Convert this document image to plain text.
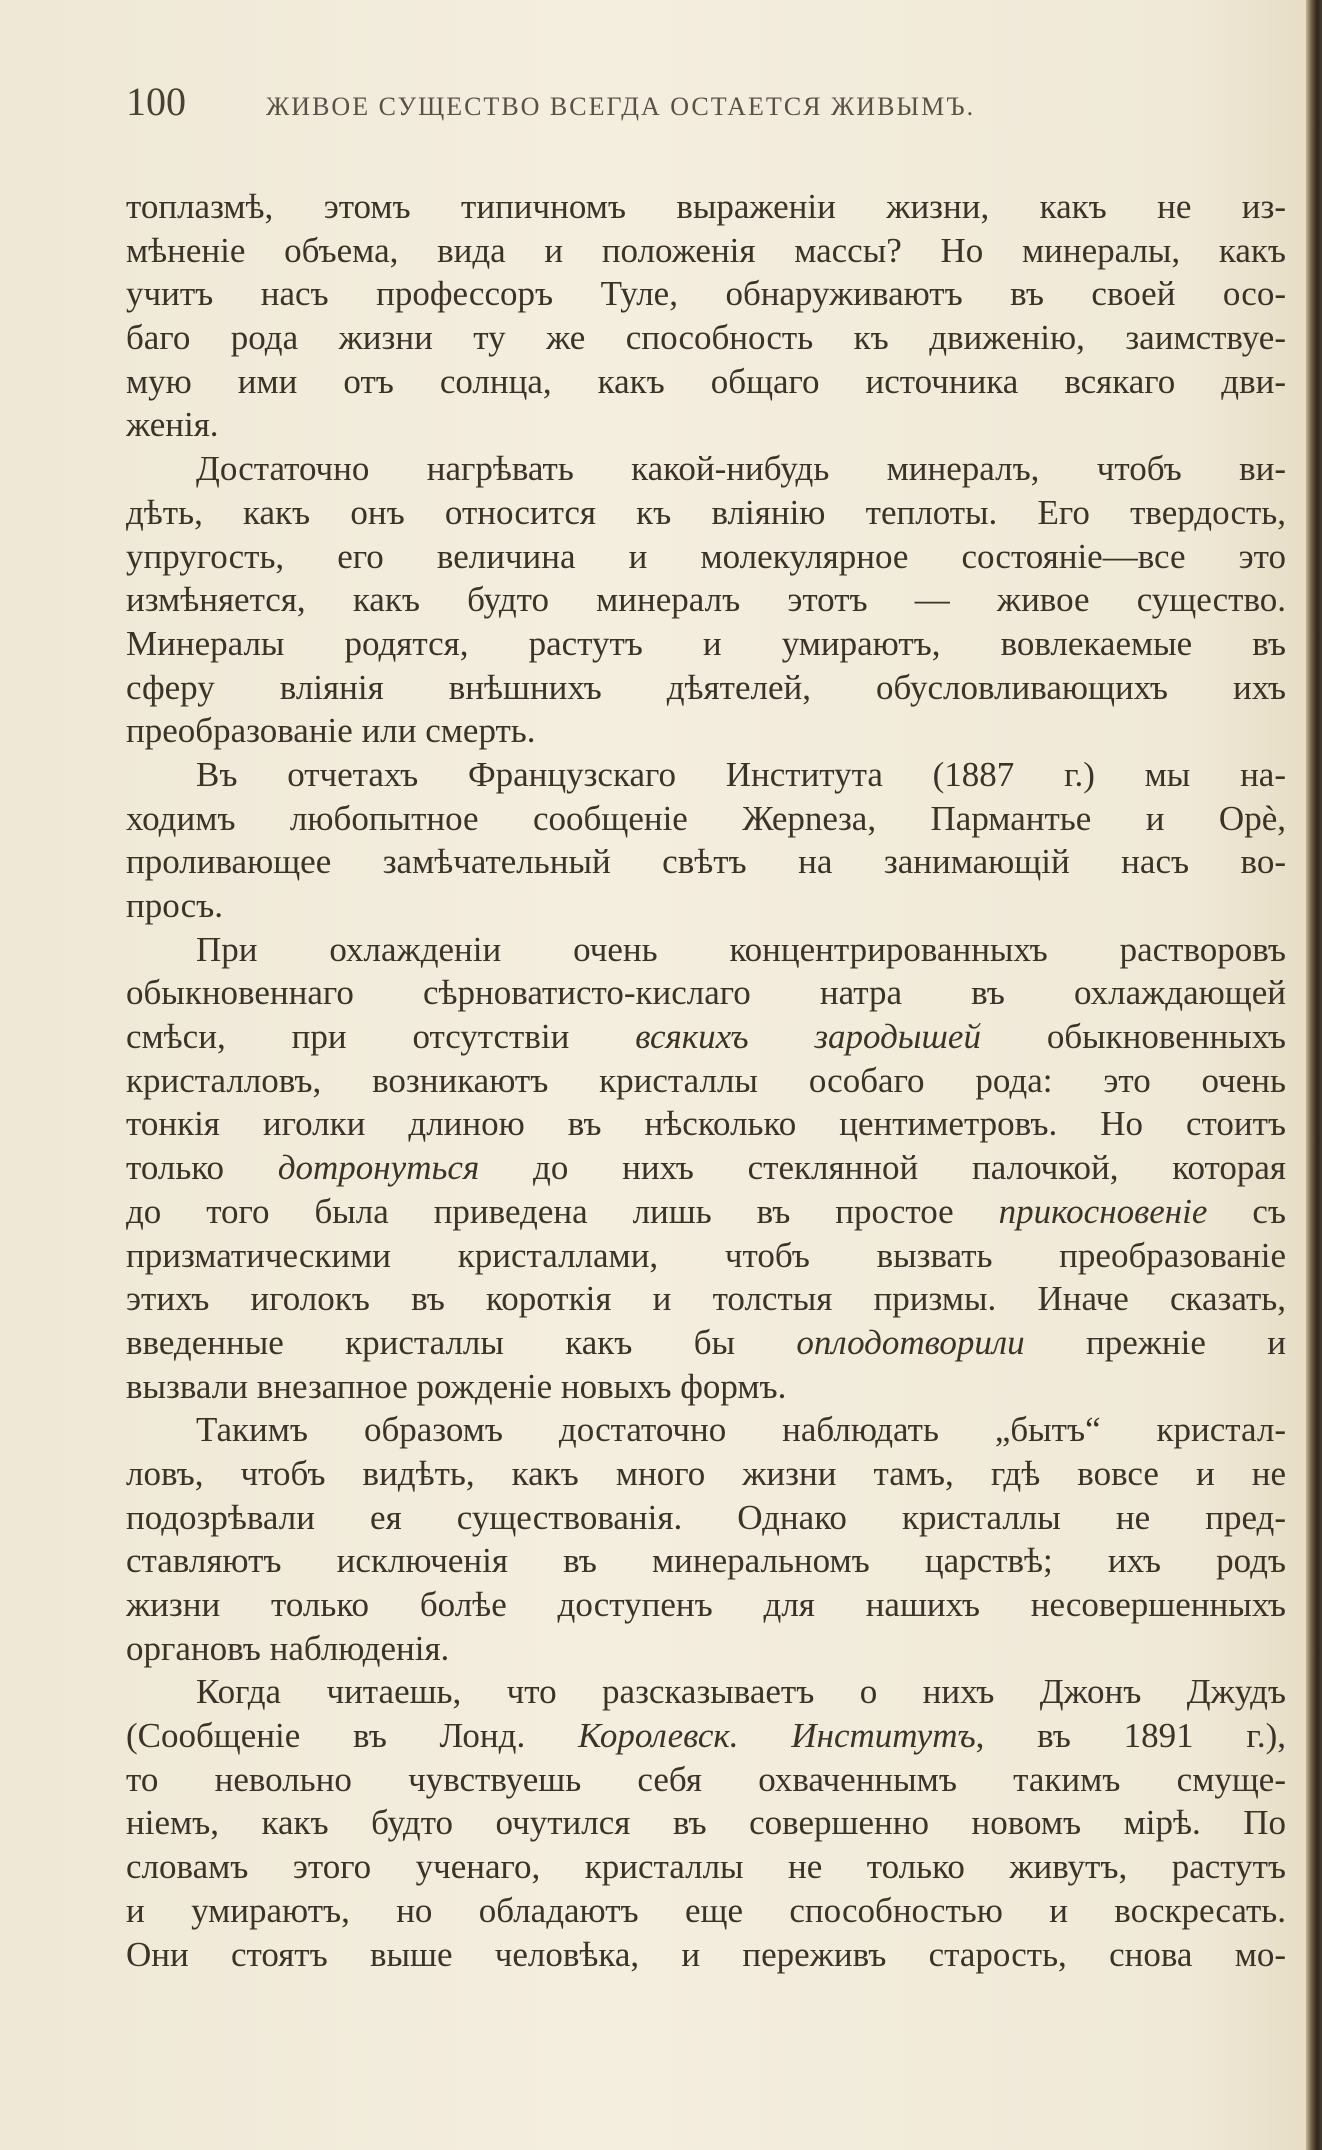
100	ЖИВОЕ СУЩЕСТВО ВСЕГДА ОСТАЕТСЯ ЖИВЫМЪ.
топлазмѣ, этомъ типичномъ выраженіи жизни, какъ не из-
мѣненіе объема, вида и положенія массы? Но минералы, какъ
учитъ насъ профессоръ Туле, обнаруживаютъ въ своей осо-
баго рода жизни ту же способность къ движенію, заимствуе-
мую ими отъ солнца, какъ общаго источника всякаго дви-
женія.
Достаточно нагрѣвать какой-нибудь минералъ, чтобъ ви-
дѣть, какъ онъ относится къ вліянію теплоты. Его твердость,
упругость, его величина и молекулярное состояніе—все это
измѣняется, какъ будто минералъ этотъ — живое существо.
Минералы родятся, растутъ и умираютъ, вовлекаемые въ
сферу вліянія внѣшнихъ дѣятелей, обусловливающихъ ихъ
преобразованіе или смерть.
Въ отчетахъ Французскаго Института (1887 г.) мы на-
ходимъ любопытное сообщеніе Жерneза, Пармантье и Орè,
проливающее замѣчательный свѣтъ на занимающій насъ во-
просъ.
При охлажденіи очень концентрированныхъ растворовъ
обыкновеннаго сѣрноватисто-кислаго натра въ охлаждающей
смѣси, при отсутствіи всякихъ зародышей обыкновенныхъ
кристалловъ, возникаютъ кристаллы особаго рода: это очень
тонкія иголки длиною въ нѣсколько центиметровъ. Но стоитъ
только дотронуться до нихъ стеклянной палочкой, которая
до того была приведена лишь въ простое прикосновеніе съ
призматическими кристаллами, чтобъ вызвать преобразованіе
этихъ иголокъ въ короткія и толстыя призмы. Иначе сказать,
введенные кристаллы какъ бы оплодотворили прежніе и
вызвали внезапное рожденіе новыхъ формъ.
Такимъ образомъ достаточно наблюдать „бытъ“ кристал-
ловъ, чтобъ видѣть, какъ много жизни тамъ, гдѣ вовсе и не
подозрѣвали ея существованія. Однако кристаллы не пред-
ставляютъ исключенія въ минеральномъ царствѣ; ихъ родъ
жизни только болѣе доступенъ для нашихъ несовершенныхъ
органовъ наблюденія.
Когда читаешь, что разсказываетъ о нихъ Джонъ Джудъ
(Сообщеніе въ Лонд. Королевск. Институтъ, въ 1891 г.),
то невольно чувствуешь себя охваченнымъ такимъ смуще-
ніемъ, какъ будто очутился въ совершенно новомъ мірѣ. По
словамъ этого ученаго, кристаллы не только живутъ, растутъ
и умираютъ, но обладаютъ еще способностью и воскресать.
Они стоятъ выше человѣка, и переживъ старость, снова мо-
